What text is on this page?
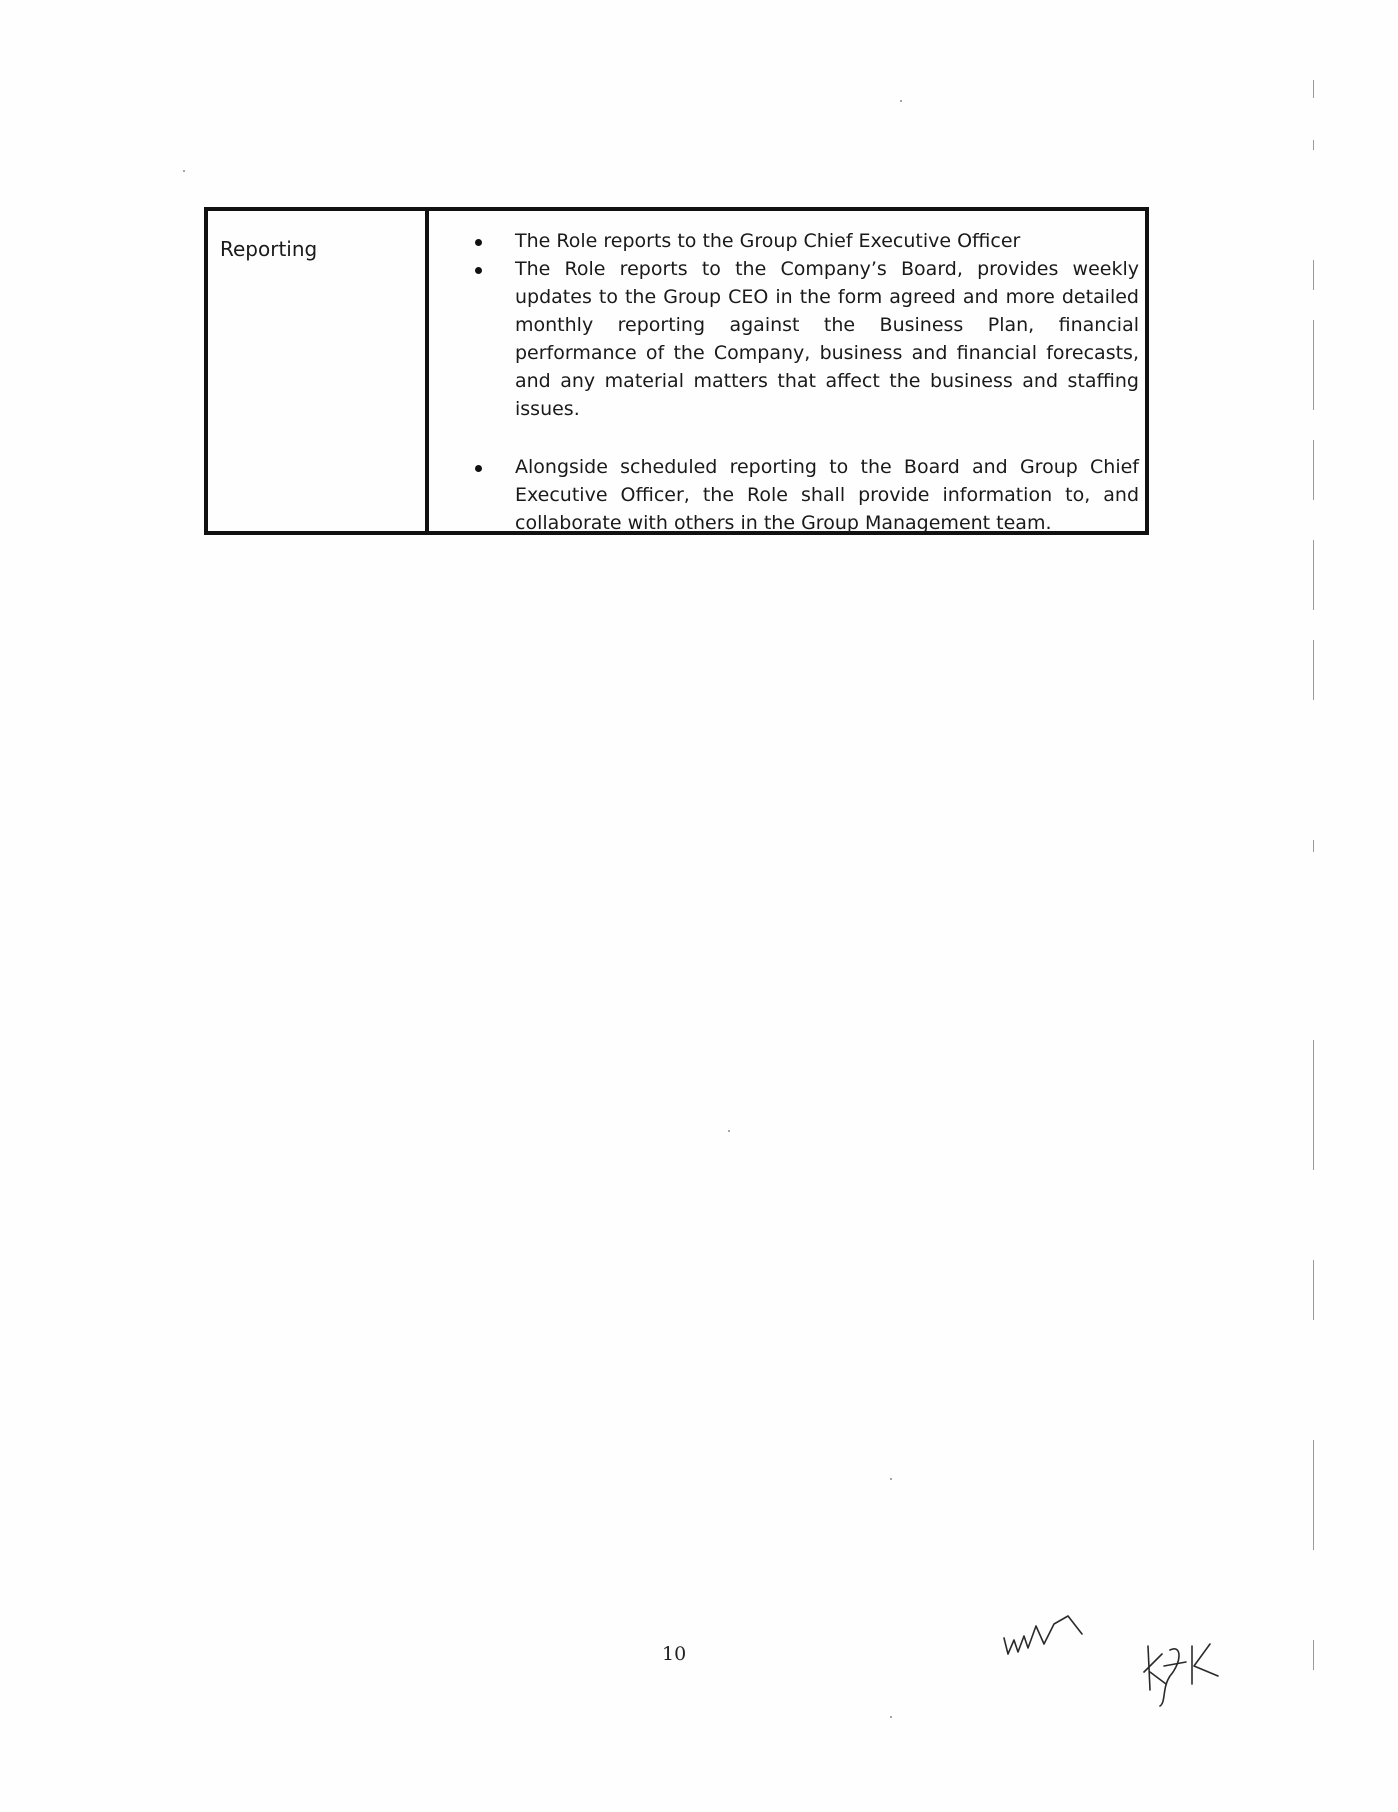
Reporting	The Role reports to the Group Chief Executive Officer
The Role reports to the Company’s Board, provides weekly updates to the Group CEO in the form agreed and more detailed monthly reporting against the Business Plan, financial performance of the Company, business and financial forecasts, and any material matters that affect the business and staffing issues.
Alongside scheduled reporting to the Board and Group Chief Executive Officer, the Role shall provide information to, and collaborate with others in the Group Management team.
10
